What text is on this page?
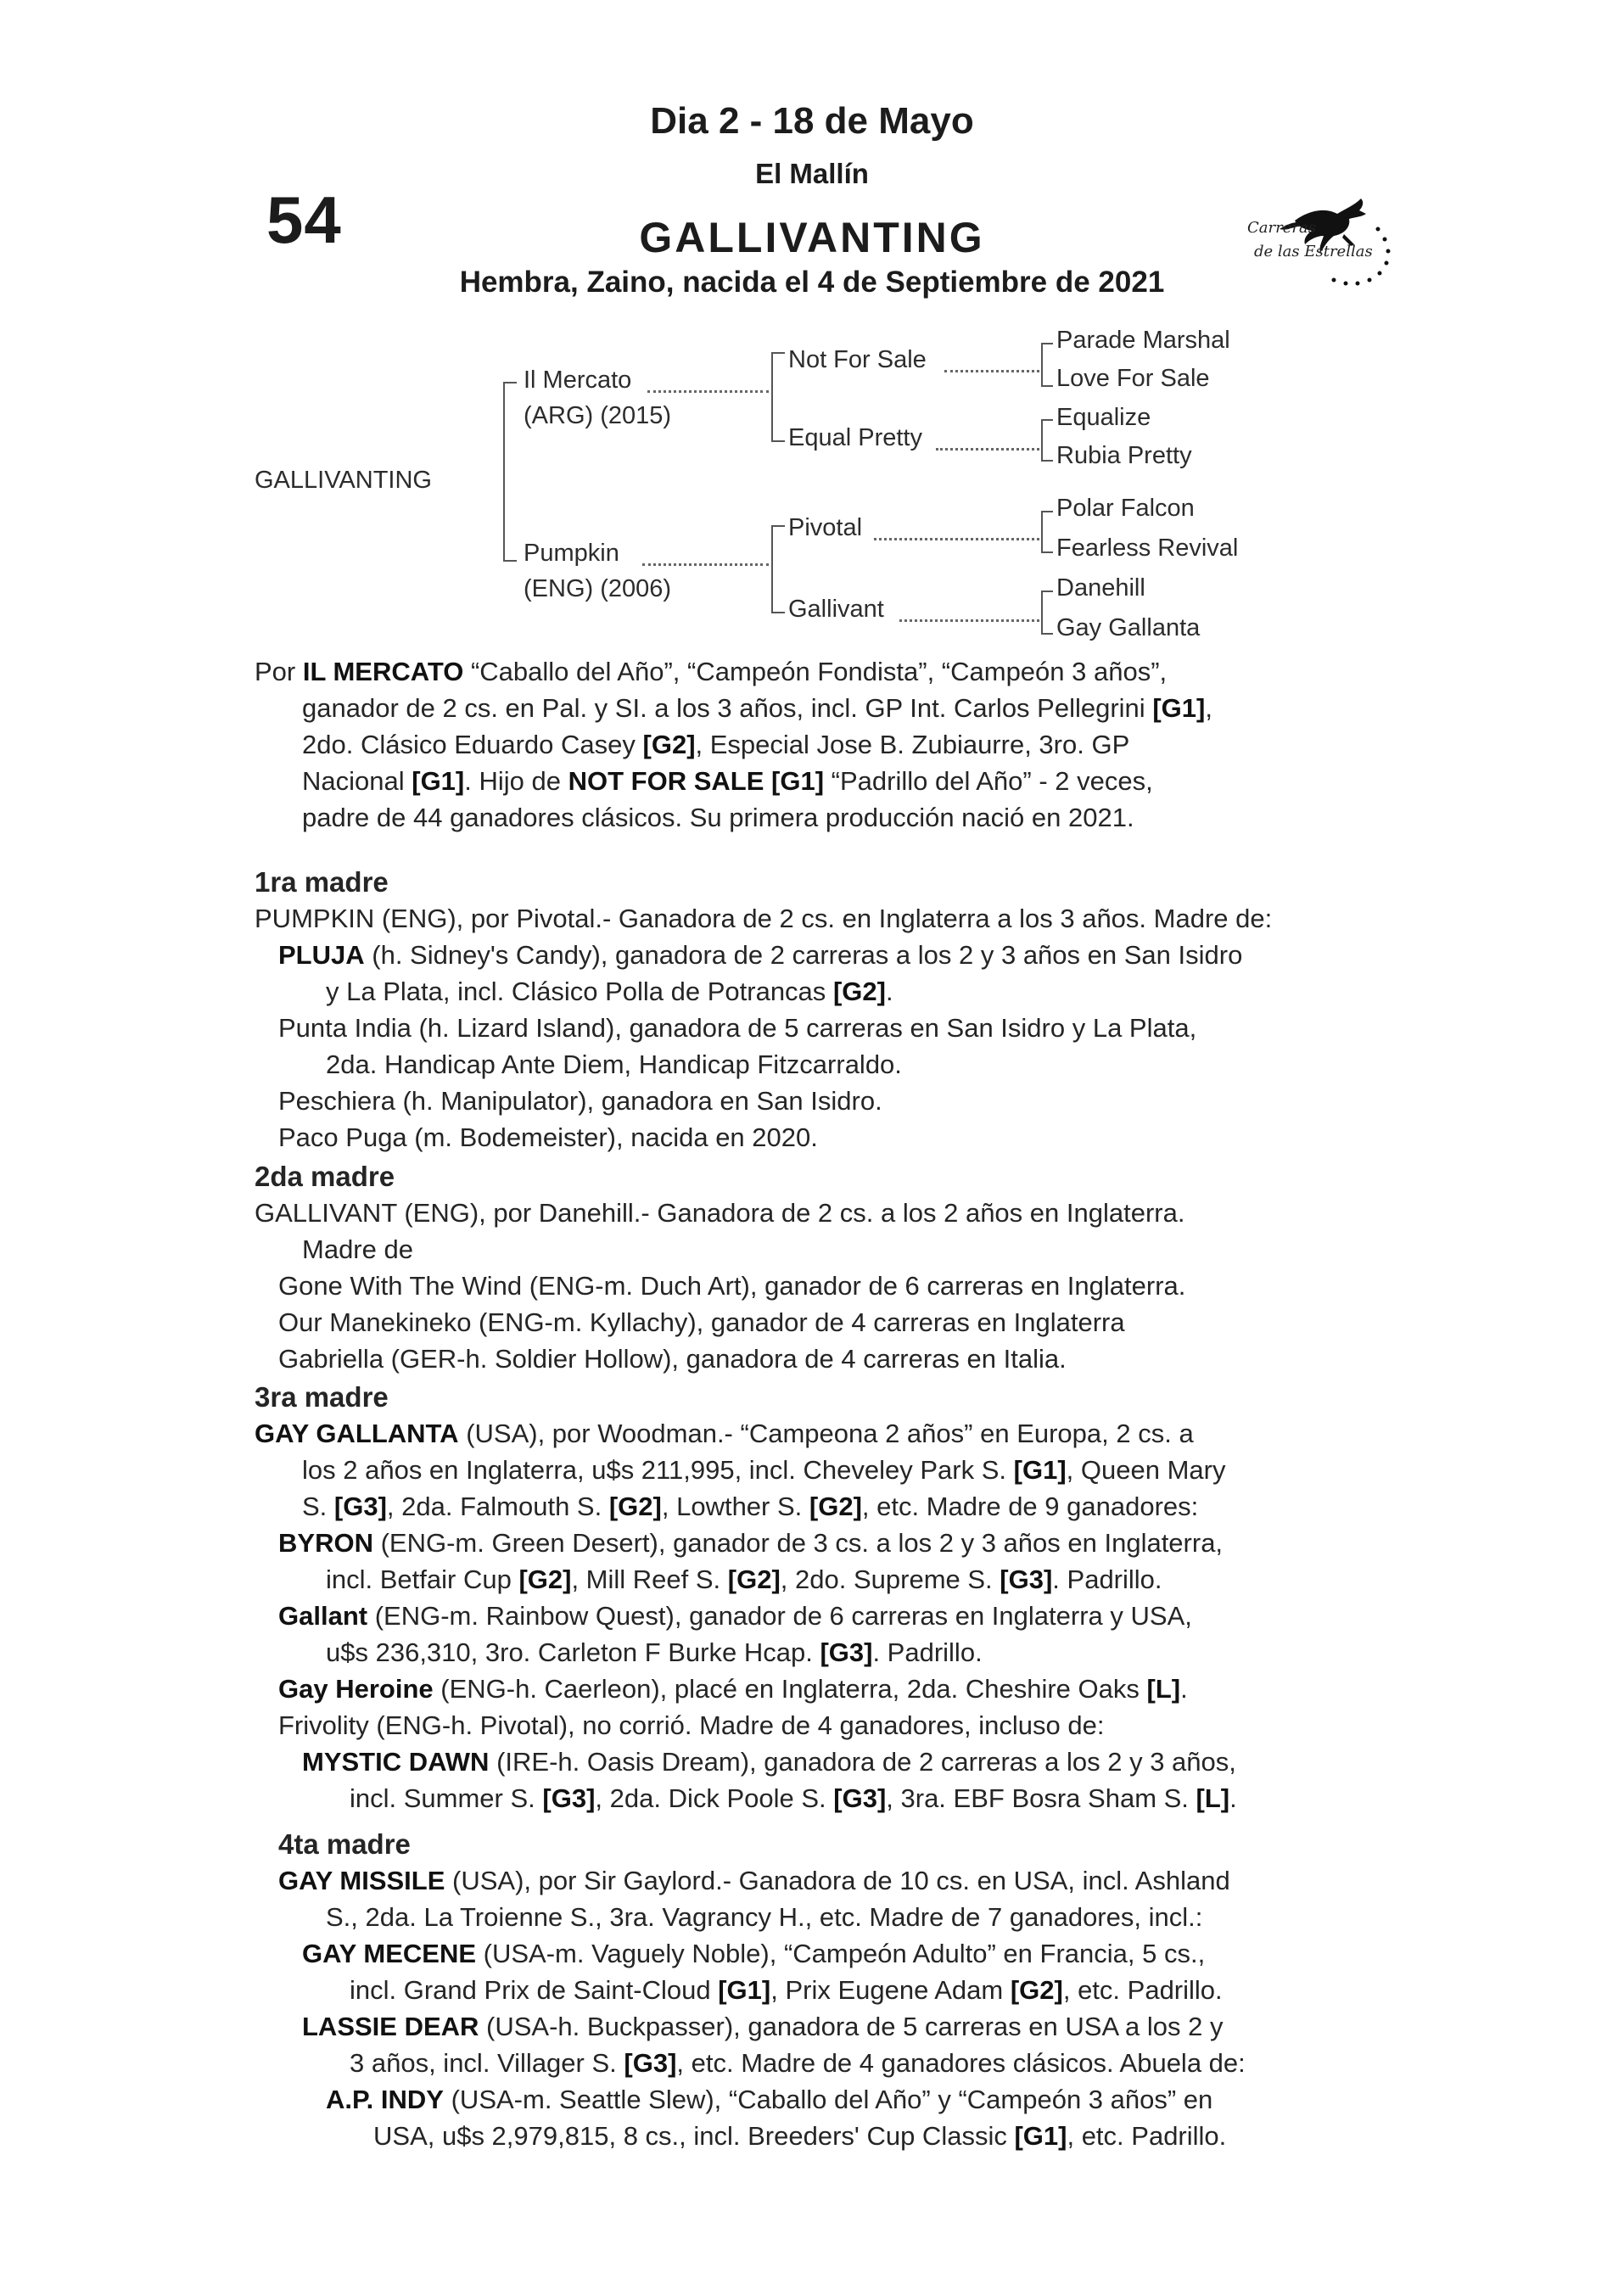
Dia 2 - 18 de Mayo
El Mallín
54	GALLIVANTING
Hembra, Zaino, nacida el 4 de Septiembre de 2021
Carreras
de las Estrellas
GALLIVANTING
Il Mercato
(ARG) (2015)
Pumpkin
(ENG) (2006)
Not For Sale
Equal Pretty
Pivotal
Gallivant
Parade Marshal
Love For Sale
Equalize
Rubia Pretty
Polar Falcon
Fearless Revival
Danehill
Gay Gallanta
Por IL MERCATO “Caballo del Año”, “Campeón Fondista”, “Campeón 3 años”,
ganador de 2 cs. en Pal. y SI. a los 3 años, incl. GP Int. Carlos Pellegrini [G1],
2do. Clásico Eduardo Casey [G2], Especial Jose B. Zubiaurre, 3ro. GP
Nacional [G1]. Hijo de NOT FOR SALE [G1] “Padrillo del Año” - 2 veces,
padre de 44 ganadores clásicos. Su primera producción nació en 2021.
1ra madre
PUMPKIN (ENG), por Pivotal.- Ganadora de 2 cs. en Inglaterra a los 3 años. Madre de:
PLUJA (h. Sidney's Candy), ganadora de 2 carreras a los 2 y 3 años en San Isidro
y La Plata, incl. Clásico Polla de Potrancas [G2].
Punta India (h. Lizard Island), ganadora de 5 carreras en San Isidro y La Plata,
2da. Handicap Ante Diem, Handicap Fitzcarraldo.
Peschiera (h. Manipulator), ganadora en San Isidro.
Paco Puga (m. Bodemeister), nacida en 2020.
2da madre
GALLIVANT (ENG), por Danehill.- Ganadora de 2 cs. a los 2 años en Inglaterra.
Madre de
Gone With The Wind (ENG-m. Duch Art), ganador de 6 carreras en Inglaterra.
Our Manekineko (ENG-m. Kyllachy), ganador de 4 carreras en Inglaterra
Gabriella (GER-h. Soldier Hollow), ganadora de 4 carreras en Italia.
3ra madre
GAY GALLANTA (USA), por Woodman.- “Campeona 2 años” en Europa, 2 cs. a
los 2 años en Inglaterra, u$s 211,995, incl. Cheveley Park S. [G1], Queen Mary
S. [G3], 2da. Falmouth S. [G2], Lowther S. [G2], etc. Madre de 9 ganadores:
BYRON (ENG-m. Green Desert), ganador de 3 cs. a los 2 y 3 años en Inglaterra,
incl. Betfair Cup [G2], Mill Reef S. [G2], 2do. Supreme S. [G3]. Padrillo.
Gallant (ENG-m. Rainbow Quest), ganador de 6 carreras en Inglaterra y USA,
u$s 236,310, 3ro. Carleton F Burke Hcap. [G3]. Padrillo.
Gay Heroine (ENG-h. Caerleon), placé en Inglaterra, 2da. Cheshire Oaks [L].
Frivolity (ENG-h. Pivotal), no corrió. Madre de 4 ganadores, incluso de:
MYSTIC DAWN (IRE-h. Oasis Dream), ganadora de 2 carreras a los 2 y 3 años,
incl. Summer S. [G3], 2da. Dick Poole S. [G3], 3ra. EBF Bosra Sham S. [L].
4ta madre
GAY MISSILE (USA), por Sir Gaylord.- Ganadora de 10 cs. en USA, incl. Ashland
S., 2da. La Troienne S., 3ra. Vagrancy H., etc. Madre de 7 ganadores, incl.:
GAY MECENE (USA-m. Vaguely Noble), “Campeón Adulto” en Francia, 5 cs.,
incl. Grand Prix de Saint-Cloud [G1], Prix Eugene Adam [G2], etc. Padrillo.
LASSIE DEAR (USA-h. Buckpasser), ganadora de 5 carreras en USA a los 2 y
3 años, incl. Villager S. [G3], etc. Madre de 4 ganadores clásicos. Abuela de:
A.P. INDY (USA-m. Seattle Slew), “Caballo del Año” y “Campeón 3 años” en
USA, u$s 2,979,815, 8 cs., incl. Breeders' Cup Classic [G1], etc. Padrillo.
